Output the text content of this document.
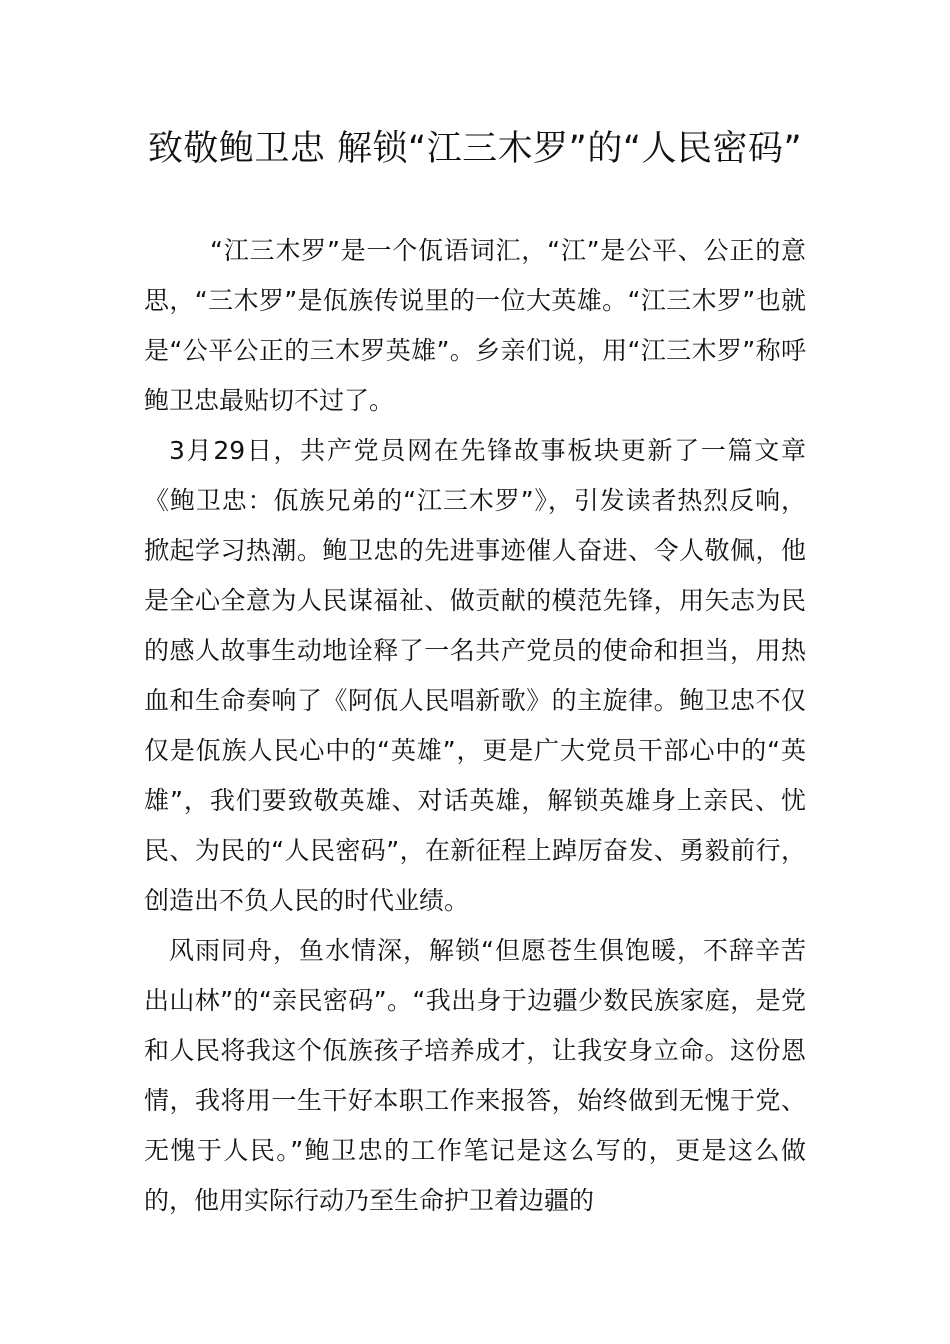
致敬鲍卫忠 解锁“江三木罗”的“人民密码”

“江三木罗”是一个佤语词汇，“江”是公平、公正的意思，“三木罗”是佤族传说里的一位大英雄。“江三木罗”也就是“公平公正的三木罗英雄”。乡亲们说，用“江三木罗”称呼鲍卫忠最贴切不过了。

3月29日，共产党员网在先锋故事板块更新了一篇文章《鲍卫忠：佤族兄弟的“江三木罗”》，引发读者热烈反响，掀起学习热潮。鲍卫忠的先进事迹催人奋进、令人敬佩，他是全心全意为人民谋福祉、做贡献的模范先锋，用矢志为民的感人故事生动地诠释了一名共产党员的使命和担当，用热血和生命奏响了《阿佤人民唱新歌》的主旋律。鲍卫忠不仅仅是佤族人民心中的“英雄”，更是广大党员干部心中的“英雄”，我们要致敬英雄、对话英雄，解锁英雄身上亲民、忧民、为民的“人民密码”，在新征程上踔厉奋发、勇毅前行，创造出不负人民的时代业绩。

风雨同舟，鱼水情深，解锁“但愿苍生俱饱暖，不辞辛苦出山林”的“亲民密码”。“我出身于边疆少数民族家庭，是党和人民将我这个佤族孩子培养成才，让我安身立命。这份恩情，我将用一生干好本职工作来报答，始终做到无愧于党、无愧于人民。”鲍卫忠的工作笔记是这么写的，更是这么做的，他用实际行动乃至生命护卫着边疆的
